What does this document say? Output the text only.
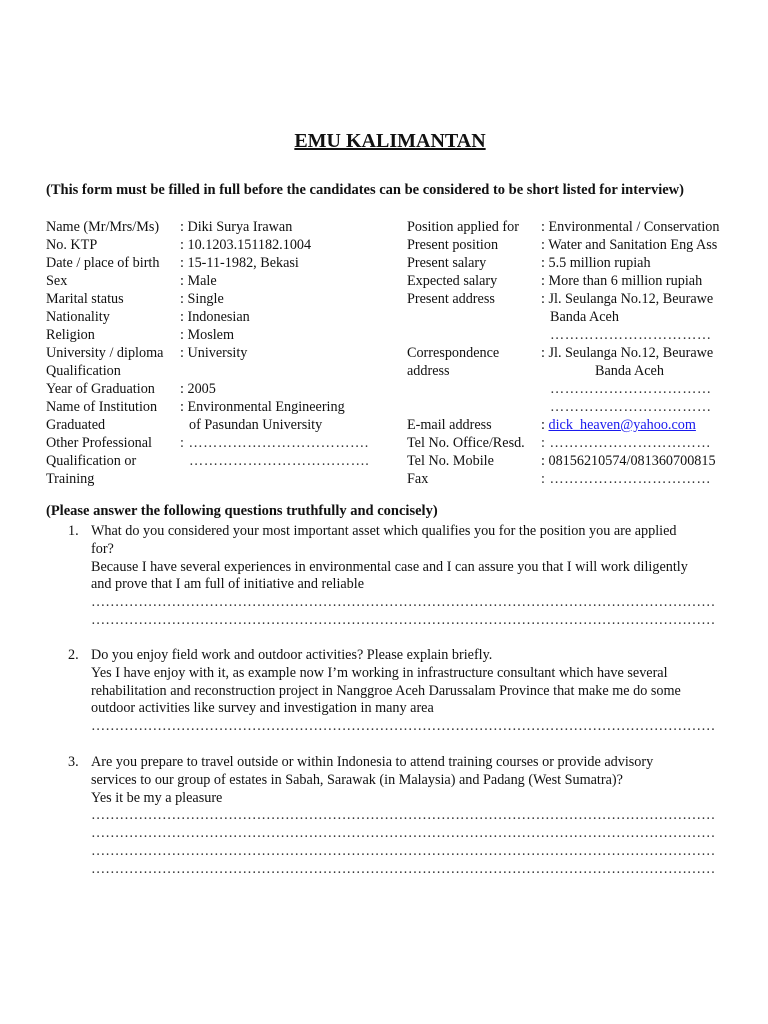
EMU KALIMANTAN
(This form must be filled in full before the candidates can be considered to be short listed for interview)
Name (Mr/Mrs/Ms) : Diki Surya Irawan
No. KTP	: 10.1203.151182.1004
Date / place of birth : 15-11-1982, Bekasi
Sex	: Male
Marital status	: Single
Nationality	: Indonesian
Religion	: Moslem
University / diploma : University
Qualification
Year of Graduation : 2005
Name of Institution : Environmental Engineering
Graduated	of Pasundan University
Other Professional : ……………………………….
Qualification or	……………………………….
Training
Position applied for : Environmental / Conservation
Present position	: Water and Sanitation Eng Ass
Present salary	: 5.5 million rupiah
Expected salary	: More than 6 million rupiah
Present address	: Jl. Seulanga No.12, Beurawe
Banda Aceh
……………………………
Correspondence	: Jl. Seulanga No.12, Beurawe
address	Banda Aceh
……………………………
……………………………
E-mail address	: dick_heaven@yahoo.com
Tel No. Office/Resd. : ……………………………
Tel No. Mobile	: 08156210574/081360700815
Fax	: ……………………………
(Please answer the following questions truthfully and concisely)
1. What do you considered your most important asset which qualifies you for the position you are applied
for?
Because I have several experiences in environmental case and I can assure you that I will work diligently
and prove that I am full of initiative and reliable
……………………………………………………………………………………………………………………
……………………………………………………………………………………………………………………
2. Do you enjoy field work and outdoor activities? Please explain briefly.
Yes I have enjoy with it, as example now I’m working in infrastructure consultant which have several
rehabilitation and reconstruction project in Nanggroe Aceh Darussalam Province that make me do some
outdoor activities like survey and investigation in many area
……………………………………………………………………………………………………………………
3. Are you prepare to travel outside or within Indonesia to attend training courses or provide advisory
services to our group of estates in Sabah, Sarawak (in Malaysia) and Padang (West Sumatra)?
Yes it be my a pleasure
……………………………………………………………………………………………………………………
……………………………………………………………………………………………………………………
……………………………………………………………………………………………………………………
……………………………………………………………………………………………………………………
